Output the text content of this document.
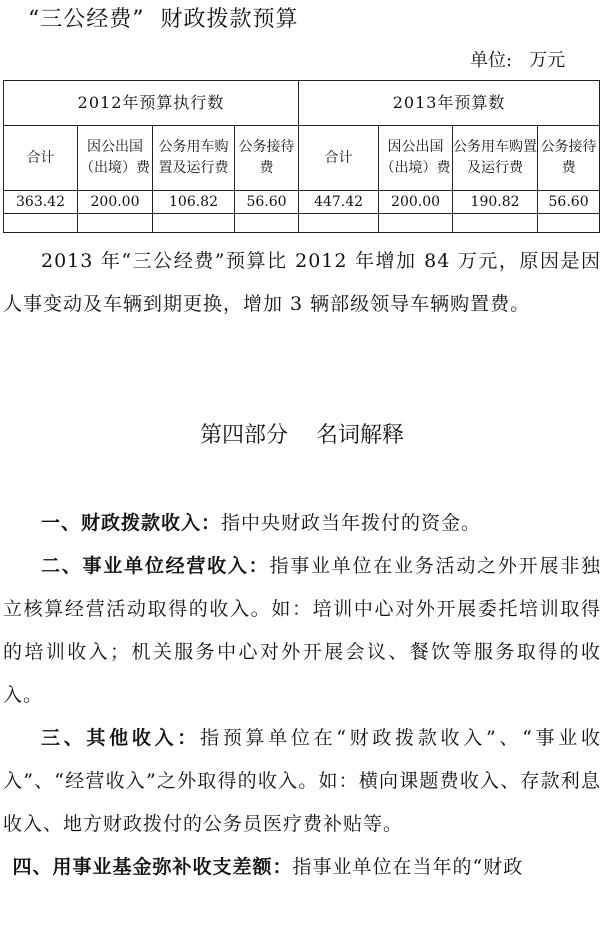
“三公经费”  财政拨款预算
单位:   万元
2012年预算执行数				2013年预算数			
合计	因公出国（出境）费	公务用车购置及运行费	公务接待费	合计	因公出国（出境）费	公务用车购置及运行费	公务接待费
363.42	200.00	106.82	56.60	447.42	200.00	190.82	56.60

2013 年“三公经费”预算比 2012 年增加 84 万元，原因是因人事变动及车辆到期更换，增加 3 辆部级领导车辆购置费。
第四部分    名词解释
一、财政拨款收入：指中央财政当年拨付的资金。
二、事业单位经营收入：指事业单位在业务活动之外开展非独立核算经营活动取得的收入。如：培训中心对外开展委托培训取得的培训收入；机关服务中心对外开展会议、餐饮等服务取得的收入。
三、其他收入：指预算单位在“财政拨款收入”、“事业收入”、“经营收入”之外取得的收入。如：横向课题费收入、存款利息收入、地方财政拨付的公务员医疗费补贴等。
四、用事业基金弥补收支差额：指事业单位在当年的“财政
